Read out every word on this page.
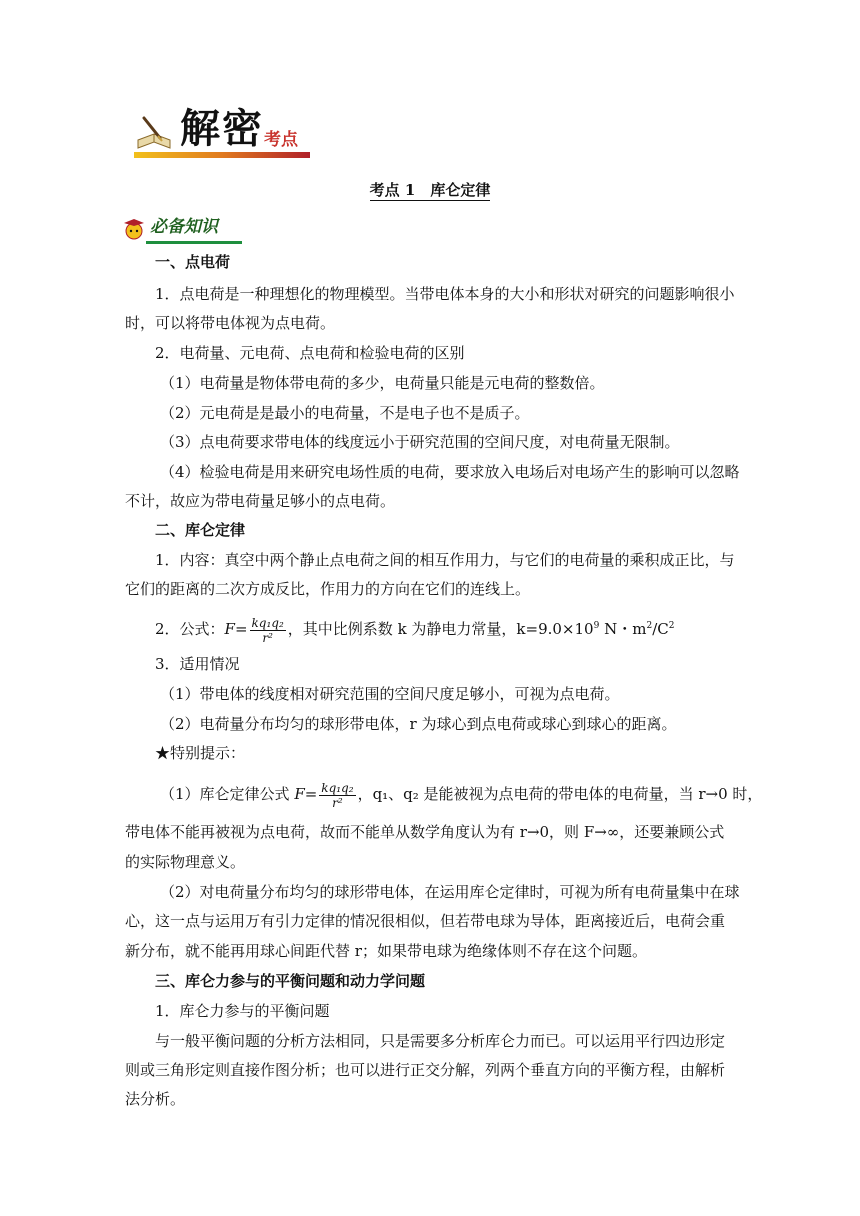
解密 考点
考点 1　库仑定律
必备知识
一、点电荷
1．点电荷是一种理想化的物理模型。当带电体本身的大小和形状对研究的问题影响很小
时，可以将带电体视为点电荷。
2．电荷量、元电荷、点电荷和检验电荷的区别
（1）电荷量是物体带电荷的多少，电荷量只能是元电荷的整数倍。
（2）元电荷是是最小的电荷量，不是电子也不是质子。
（3）点电荷要求带电体的线度远小于研究范围的空间尺度，对电荷量无限制。
（4）检验电荷是用来研究电场性质的电荷，要求放入电场后对电场产生的影响可以忽略
不计，故应为带电荷量足够小的点电荷。
二、库仑定律
1．内容：真空中两个静止点电荷之间的相互作用力，与它们的电荷量的乘积成正比，与
它们的距离的二次方成反比，作用力的方向在它们的连线上。
2．公式：$F= \frac{\text{kq₁q₂}}{\text{r²}}$ ，其中比例系数 k 为静电力常量，$k=9.0\times 10^9$ N・$m^2/C^2$
3．适用情况
（1）带电体的线度相对研究范围的空间尺度足够小，可视为点电荷。
（2）电荷量分布均匀的球形带电体，r 为球心到点电荷或球心到球心的距离。
★特别提示：
（1）库仑定律公式 $F= \frac{\text{kq₁q₂}}{\text{r²}}$ ，q₁、q₂ 是能被视为点电荷的带电体的电荷量，当 r→0 时，
带电体不能再被视为点电荷，故而不能单从数学角度认为有 r→0，则 F→∞，还要兼顾公式
的实际物理意义。
（2）对电荷量分布均匀的球形带电体，在运用库仑定律时，可视为所有电荷量集中在球
心，这一点与运用万有引力定律的情况很相似，但若带电球为导体，距离接近后，电荷会重
新分布，就不能再用球心间距代替 r；如果带电球为绝缘体则不存在这个问题。
三、库仑力参与的平衡问题和动力学问题
1．库仑力参与的平衡问题
与一般平衡问题的分析方法相同，只是需要多分析库仑力而已。可以运用平行四边形定
则或三角形定则直接作图分析；也可以进行正交分解，列两个垂直方向的平衡方程，由解析
法分析。
